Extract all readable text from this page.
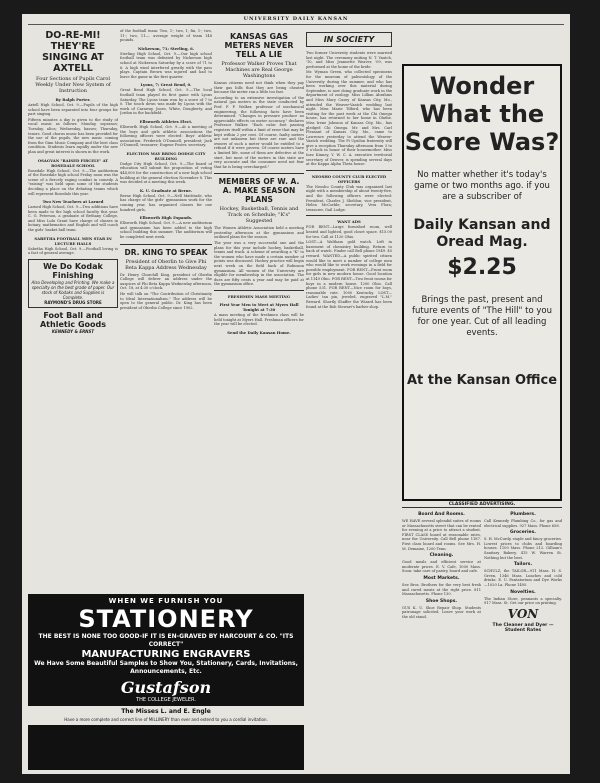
UNIVERSITY DAILY KANSAN
DO-RE-MI! THEY'RE SINGING AT AXTELL
Four Sections of Pupils Carol Weekly Under New System of Instruction
By Ralph Porter.
Axtell High School, Oct. 9.—Pupils of the high school have been separated into four groups for part singing.
Fifteen minutes a day is given to the study of vocal music as follows: Monday, sopranos; Tuesday, altos; Wednesday, basses; Thursday, tenors. Good chorus music has been provided for the use of the pupils, the new music coming from the Ginn Music Company and the best class condition. Students learn rapidly under the new plan and great interest is shown in the work.
OSAGVAN "RAISED FIRCELY" AT ROSEDALE SCHOOL
Rosedale High School, Oct. 9.—The auditorium of the Rosedale high school Friday noon was the scene of a fiercely raging combat in comedy. A "raising" was held upon some of the students deciding a place on the debating teams which will represent Rosedale this year.
Two New Teachers at Larned
Larned High School, Oct. 9.—Two additions have been made to the high school faculty this year. C. G. Peterson, a graduate of Bethany College, and Miss Lulu Grant have charge of classes in botany, mathematics and English and will coach the girls' basket ball team.
SABETHA FOOTBALL MEN STAR IN LECTURE HALLS
Sabetha High School, Oct. 9.—Football loving is a fact of general average.
We Do Kodak Finishing
Also Developing and Printing. We make a specialty on the best grade of paper. Our stock of Kodaks and Supplies is Complete.
RAYMOND'S DRUG STORE
Foot Ball and Athletic Goods
KENNEDY & ERNST
of the football team: Two, 1-; two, 1; fin, 1-; two, 11-; two, 11—. average weight of team 148 pounds.
Nickerson, 71; Sterling, 6.
Sterling High School, Oct. 9.—Our high school football team was defeated by Nickerson high school at Nickerson Saturday by a score of 71 to 6. A high wind interfered greatly with the pass plays. Captain Brown was injured and had to leave the game in the first quarter.
Lyons, 7; Great Bend, 0.
Great Bend High School, Oct. 9.—The local football team played its first game with Lyons Saturday. The Lyons team won by a score of 7 to 0. The touch down was made by Lyons with the work of Caraway, Jones, White, Dougherty, and Jordon in the backfield.
Ellsworth Athletes Elect.
Ellsworth High School, Oct. 9.—At a meeting of the boys and girls athletic associations the following officers were elected: Boys' athletic association: Frederick O'Donnell, president; Jack O'Donnell, treasurer; Eugene Foster, secretary.
ELECTION MAY BRING DODGE CITY BUILDING
Dodge City High School, Oct. 9.—The board of education will submit the proposition of voting $44,000 for the construction of a new high school building at the general election November 8. This was decided at a meeting this week.
K. U. Graduate at Berne.
Berne High School, Oct. 9.—Nell Mattitude, who has charge of the girls' gymnasium work for the coming year, has organized classes for one hundred girls.
Ellsworth High Expands.
Ellsworth High School, Oct. 9.—A new auditorium and gymnasium has been added to the high school building this summer. The auditorium will be completed next week.
DR. KING TO SPEAK
President of Oberlin to Give Phi Beta Kappa Address Wednesday
Dr. Henry Churchill King, president of Oberlin College will deliver an address under the auspices of Phi Beta Kappa Wednesday afternoon, Oct. 18, at 4:30 o'clock.
He will talk on "The Contribution of Christianity to Ideal Internationalism." The address will be open to the general public. Dr. King has been president of Oberlin College since 1902.
KANSAS GAS METERS NEVER TELL A LIE
Professor Walker Proves That Machines are Real George Washingtons
Kansas citizens need not think when they pay their gas bills that they are being cheated because the meter ran a little too fast.
According to an extensive investigation of the natural gas meters in the state conducted by Prof. F. F. Walker, professor of mechanical engineering, the following facts have been determined. "Changes in pressure produce no appreciable effects on meter accuracy," declares Professor Walker. "Each cubic foot passing registers itself within a limit of error that may be kept within 2 per cent. Of course, faulty meters are not unknown but these are rare and the owners of such a meter would be entitled to a refund if it were proven. Of course meters have a limited life, some of them are defective at the start, but most of the meters in this state are very accurate and the consumer need not fear that he is being overcharged."
MEMBERS OF W. A. A. MAKE SEASON PLANS
Hockey, Basketball, Tennis and Track on Schedule; "K's" Suggested
The Women Athletic Association held a meeting yesterday afternoon at the gymnasium and outlined plans for the season.
The year was a very successful one and the plans for this year include hockey, basketball, tennis and track. A scheme of awarding a "K" to the women who have made a certain number of points was discussed. Hockey practice will begin next week on the field back of Robinson gymnasium. All women of the University are eligible for membership in the association. The dues are fifty cents a year and may be paid at the gymnasium office.
FRESHMEN MASS MEETING
First Year Men to Meet at Myers Hall Tonight at 7:30
A mass meeting of the freshmen class will be held tonight at Myers Hall. Freshman officers for the year will be elected.
Send the Daily Kansan Home.
IN SOCIETY
Two former University students were married last night. The ceremony uniting N. T. Vaatch, '10, and Miss Jeannette Weaver, '09, was performed at the home of the bride.
Mr. Wyman Green, who collected specimens for the museum of paleontology of the University during the summer, and who has been working over this material during September, is now doing graduate work in the department of zoology. Miss Lillian Abrahms and Miss Mary Casey of Kansas City, Mo., attended the Weaver-Vaatch wedding last night. Miss Marie Tilford, who has been visiting for the past week at the Chi Omega house, has returned to her home in Olathe. Miss Irene Johnson of Kansas City, Mo., has pledged Chi Omega. Mr. and Mrs. Carl Pleasant of Kansas City, Mo., came to Lawrence yesterday to attend the Weaver-Vaatch wedding. The Pi Upsilon fraternity will give a reception Thursday afternoon from 3 to 5 o'clock in honor of their housemother. Miss Inez Kinney, Y. W. C. A. executive territorial secretary of Denver, is spending several days at the Kappa Alpha Theta house.
NEOSHO COUNTY CLUB ELECTED OFFICERS
The Neosho County Club was organized last night with a membership of about twenty-five, and the following officers were elected: President, Charles J. Sheldon; vice president, Helen McCorkle; secretary, Vera Flora; treasurer, Gail Lodge.
WANT ADS
FOR RENT—Large furnished room, well heated and lighted, good closet space. $15.00 for two. Call at 1120 Ohio.
LOST—A Waltham gold watch. Left in basement of chemistry building. Return to back of watch. Finder call Bell phone 1949. $5 reward. WANTED—A public spirited citizen would like to meet a number of college men who would like to work evenings in a field for possible employment. FOR RENT—Front room for girls in new modern house. Good location at 1149 Ohio. FOR RENT—Two front rooms for boys in a modern house. 1200 Ohio. Call phone 531. FOR RENT—Nice room for boys, reasonable rate. 1000 Kentucky. LOST—Ladies' tan pin, jeweled, engraved "L.M." Reward. Shortly Shaffer the Wizard has been found at the Bob Stewart's barber shop.
Wonder What the Score Was?
No matter whether it's today's game or two months ago. if you are a subscriber of
Daily Kansan and Oread Mag.
$2.25
Brings the past, present and future events of "The Hill" to you for one year. Cut of all leading events.
At the Kansan Office
CLASSIFIED ADVERTISING.
Board And Rooms.
WE HAVE several splendid suites of rooms or Massachusetts street that can be rented for evening at a price to attract a student. FIRST CLASS board at reasonable rates, near the University. Call Bell phone 1187. First class board and rooms. See Mrs. H. M. Demaine, 1200 Tenn.
Cleaning.
Good meals and efficient service at moderate prices. E. V. Cafe, 1000 Mass. Soon: take care of pastry, board and cafe.
Most Markets.
See Bros. Brothers for the very best fresh and cured meats at the right price. 811 Massachusetts. Phone 130.
Shoe Shops.
GUS K. U. Shoe Repair Shop. Students patronage solicited. Leave your work at the old stand.
Plumbers.
Call Kennedy Plumbing Co., for gas and electrical supplies. 927 Mass. Phone 658.
Groceries.
S. H. McCurdy, staple and fancy groceries. Lowest prices to clubs and boarding houses. 1100 Mass. Phone 212. Gilliam's Sanitary Bakery, 415 W. Warren St. Nothing but the best.
Tailors.
SCHULZ, the TAILOR—911 Mass. H. S. Green, 1346 Mass. Lunches and cold drinks. E. U. Pantatorium and Dye Works—1020 La. Phone 1495.
Novelties.
The Indian Store, pennants a specialty. 917 Mass. St. Get our price on printing.
VON
The Cleaner and Dyer — Student Rates
WHEN WE FURNISH YOU
STATIONERY
THE BEST IS NONE TOO GOOD-IF IT IS EN-GRAVED BY HARCOURT & CO. "ITS CORRECT"
MANUFACTURING ENGRAVERS
We Have Some Beautiful Samples to Show You, Stationery, Cards, Invitations, Announcements, Etc.
Gustafson
THE COLLEGE JEWELER.
The Misses L. and E. Engle
Have a more complete and correct line of MILLINERY than ever and extend to you a cordial invitation.
